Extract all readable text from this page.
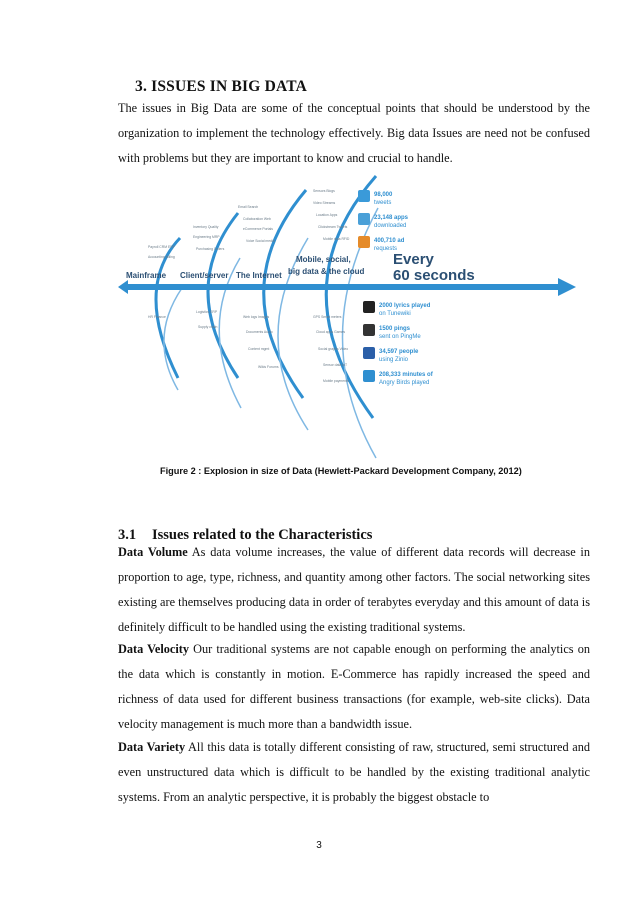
3. ISSUES IN BIG DATA
The issues in Big Data are some of the conceptual points that should be understood by the organization to implement the technology effectively. Big data Issues are need not be confused with problems but they are important to know and crucial to handle.
Payroll CRM ERP
Accounting Billing
Inventory Quality
Engineering MRP
Purchasing Orders
Email Search
Collaboration Web
eCommerce Portals
Voice Social media
Sensors Blogs
Video Streams
Location Apps
Clickstream Tweets
Mobile data RFID
HR Finance
Logistics ERP
Supply chain
Web logs Images
Documents Audio
Content mgmt
GPS Smart meters
Cloud apps Games
Social graphs Video
Sensor data IoT
Mobile payments
Wikis Forums
Mainframe Client/server The Internet
Mobile, social,
big data & the cloud
Every
60 seconds
98,000
tweets
23,148 apps
downloaded
400,710 ad
requests
2000 lyrics played
on Tunewiki
1500 pings
sent on PingMe
34,597 people
using Zinio
208,333 minutes of
Angry Birds played
Figure 2 : Explosion in size of Data (Hewlett-Packard Development Company, 2012)
3.1 Issues related to the Characteristics
Data Volume As data volume increases, the value of different data records will decrease in proportion to age, type, richness, and quantity among other factors. The social networking sites existing are themselves producing data in order of terabytes everyday and this amount of data is definitely difficult to be handled using the existing traditional systems.
Data Velocity Our traditional systems are not capable enough on performing the analytics on the data which is constantly in motion. E-Commerce has rapidly increased the speed and richness of data used for different business transactions (for example, web-site clicks). Data velocity management is much more than a bandwidth issue.
Data Variety All this data is totally different consisting of raw, structured, semi structured and even unstructured data which is difficult to be handled by the existing traditional analytic systems. From an analytic perspective, it is probably the biggest obstacle to
3
